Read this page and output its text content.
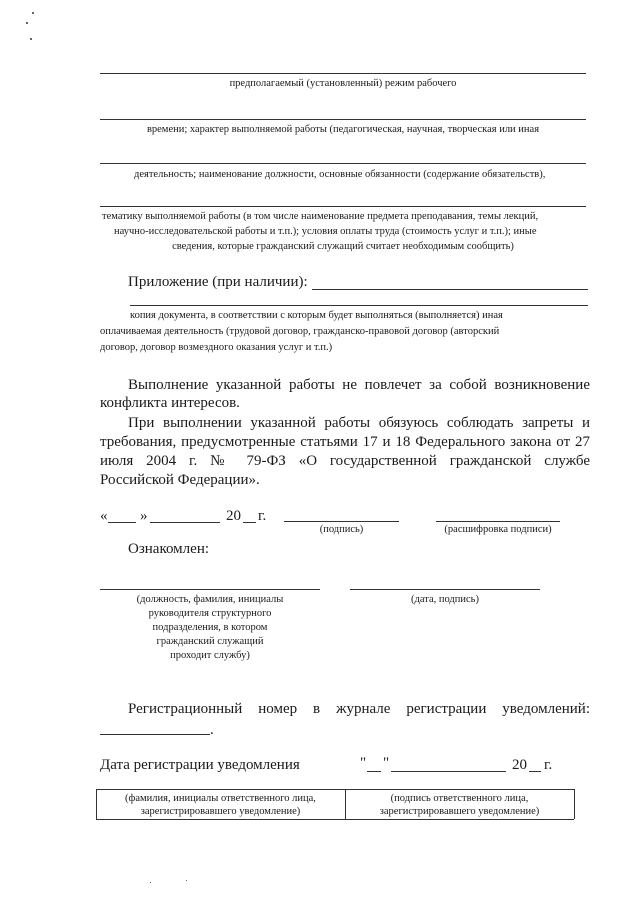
предполагаемый (установленный) режим рабочего
времени; характер выполняемой работы (педагогическая, научная, творческая или иная
деятельность; наименование должности, основные обязанности (содержание обязательств),
тематику выполняемой работы (в том числе наименование предмета преподавания, темы лекций,
научно-исследовательской работы и т.п.); условия оплаты труда (стоимость услуг и т.п.); иные
сведения, которые гражданский служащий считает необходимым сообщить)
Приложение (при наличии):
копия документа, в соответствии с которым будет выполняться (выполняется) иная
оплачиваемая деятельность (трудовой договор, гражданско-правовой договор (авторский
договор, договор возмездного оказания услуг и т.п.)
Выполнение указанной работы не повлечет за собой возникновение
конфликта интересов.
При выполнении указанной работы обязуюсь соблюдать запреты и
требования, предусмотренные статьями 17 и 18 Федерального закона от 27
июля 2004 г. № 79-ФЗ «О государственной гражданской службе
Российской Федерации».
« »	20 г.
(подпись)	(расшифровка подписи)
Ознакомлен:
(должность, фамилия, инициалы
руководителя структурного
подразделения, в котором
гражданский служащий
проходит службу)
(дата, подпись)
Регистрационный номер в журнале регистрации уведомлений:
.
Дата регистрации уведомления	" "	20 г.
(фамилия, инициалы ответственного лица,
зарегистрировавшего уведомление)
(подпись ответственного лица,
зарегистрировавшего уведомление)
